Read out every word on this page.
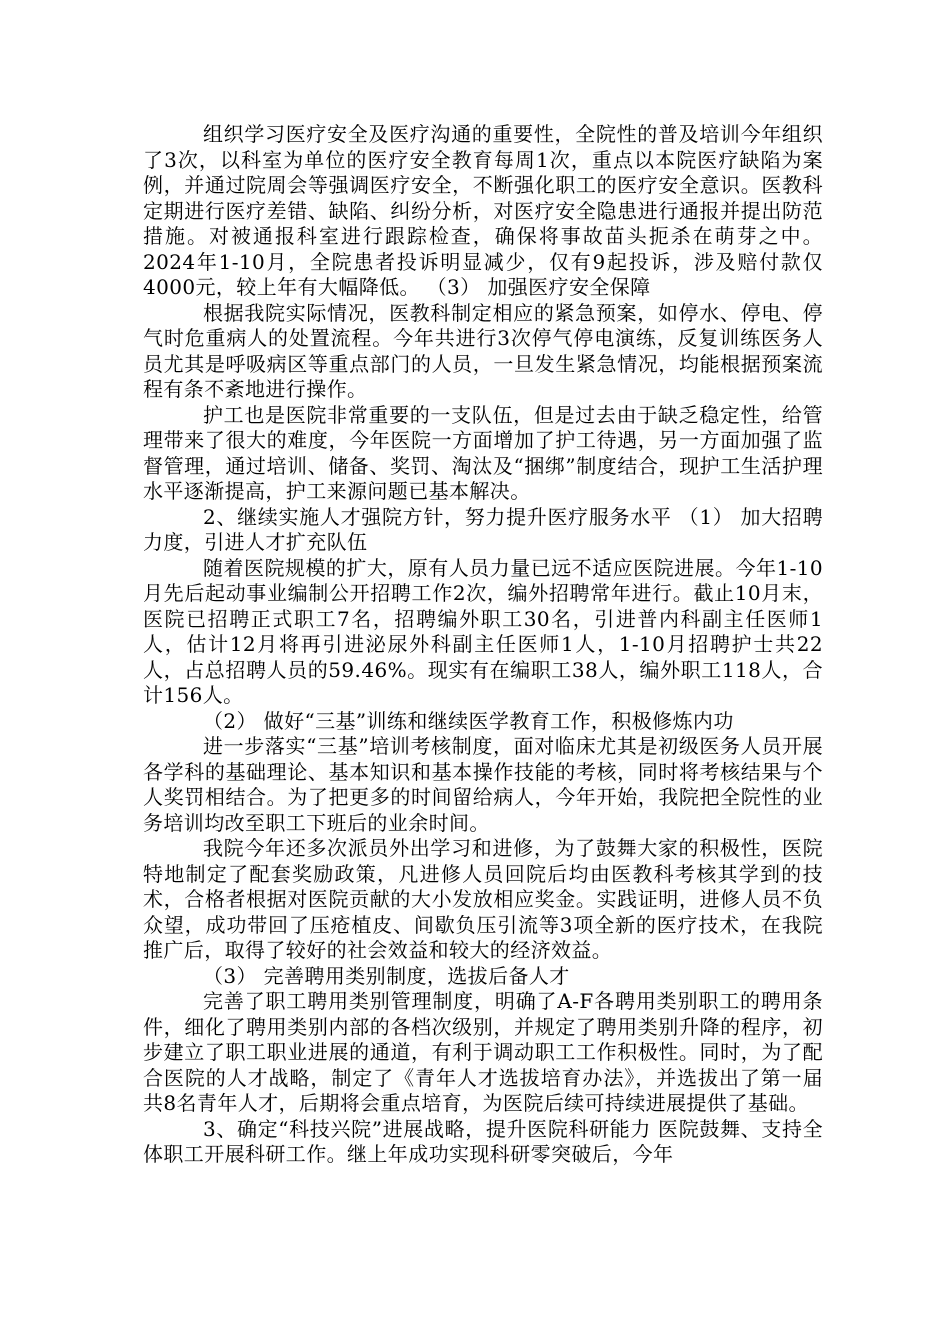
组织学习医疗安全及医疗沟通的重要性，全院性的普及培训今年组织了3次，以科室为单位的医疗安全教育每周1次，重点以本院医疗缺陷为案例，并通过院周会等强调医疗安全，不断强化职工的医疗安全意识。医教科定期进行医疗差错、缺陷、纠纷分析，对医疗安全隐患进行通报并提出防范措施。对被通报科室进行跟踪检查，确保将事故苗头扼杀在萌芽之中。2024年1-10月，全院患者投诉明显减少，仅有9起投诉，涉及赔付款仅4000元，较上年有大幅降低。 （3） 加强医疗安全保障

根据我院实际情况，医教科制定相应的紧急预案，如停水、停电、停气时危重病人的处置流程。今年共进行3次停气停电演练，反复训练医务人员尤其是呼吸病区等重点部门的人员，一旦发生紧急情况，均能根据预案流程有条不紊地进行操作。

护工也是医院非常重要的一支队伍，但是过去由于缺乏稳定性，给管理带来了很大的难度，今年医院一方面增加了护工待遇，另一方面加强了监督管理，通过培训、储备、奖罚、淘汰及“捆绑”制度结合，现护工生活护理水平逐渐提高，护工来源问题已基本解决。

2、继续实施人才强院方针，努力提升医疗服务水平 （1） 加大招聘力度，引进人才扩充队伍

随着医院规模的扩大，原有人员力量已远不适应医院进展。今年1-10月先后起动事业编制公开招聘工作2次，编外招聘常年进行。截止10月末，医院已招聘正式职工7名，招聘编外职工30名，引进普内科副主任医师1人，估计12月将再引进泌尿外科副主任医师1人，1-10月招聘护士共22人，占总招聘人员的59.46%。现实有在编职工38人，编外职工118人，合计156人。

（2） 做好“三基”训练和继续医学教育工作，积极修炼内功

进一步落实“三基”培训考核制度，面对临床尤其是初级医务人员开展各学科的基础理论、基本知识和基本操作技能的考核，同时将考核结果与个人奖罚相结合。为了把更多的时间留给病人，今年开始，我院把全院性的业务培训均改至职工下班后的业余时间。

我院今年还多次派员外出学习和进修，为了鼓舞大家的积极性，医院特地制定了配套奖励政策，凡进修人员回院后均由医教科考核其学到的技术，合格者根据对医院贡献的大小发放相应奖金。实践证明，进修人员不负众望，成功带回了压疮植皮、间歇负压引流等3项全新的医疗技术，在我院推广后，取得了较好的社会效益和较大的经济效益。

（3） 完善聘用类别制度，选拔后备人才

完善了职工聘用类别管理制度，明确了A-F各聘用类别职工的聘用条件，细化了聘用类别内部的各档次级别，并规定了聘用类别升降的程序，初步建立了职工职业进展的通道，有利于调动职工工作积极性。同时，为了配合医院的人才战略，制定了《青年人才选拔培育办法》，并选拔出了第一届共8名青年人才，后期将会重点培育，为医院后续可持续进展提供了基础。

3、确定“科技兴院”进展战略，提升医院科研能力 医院鼓舞、支持全体职工开展科研工作。继上年成功实现科研零突破后，今年
